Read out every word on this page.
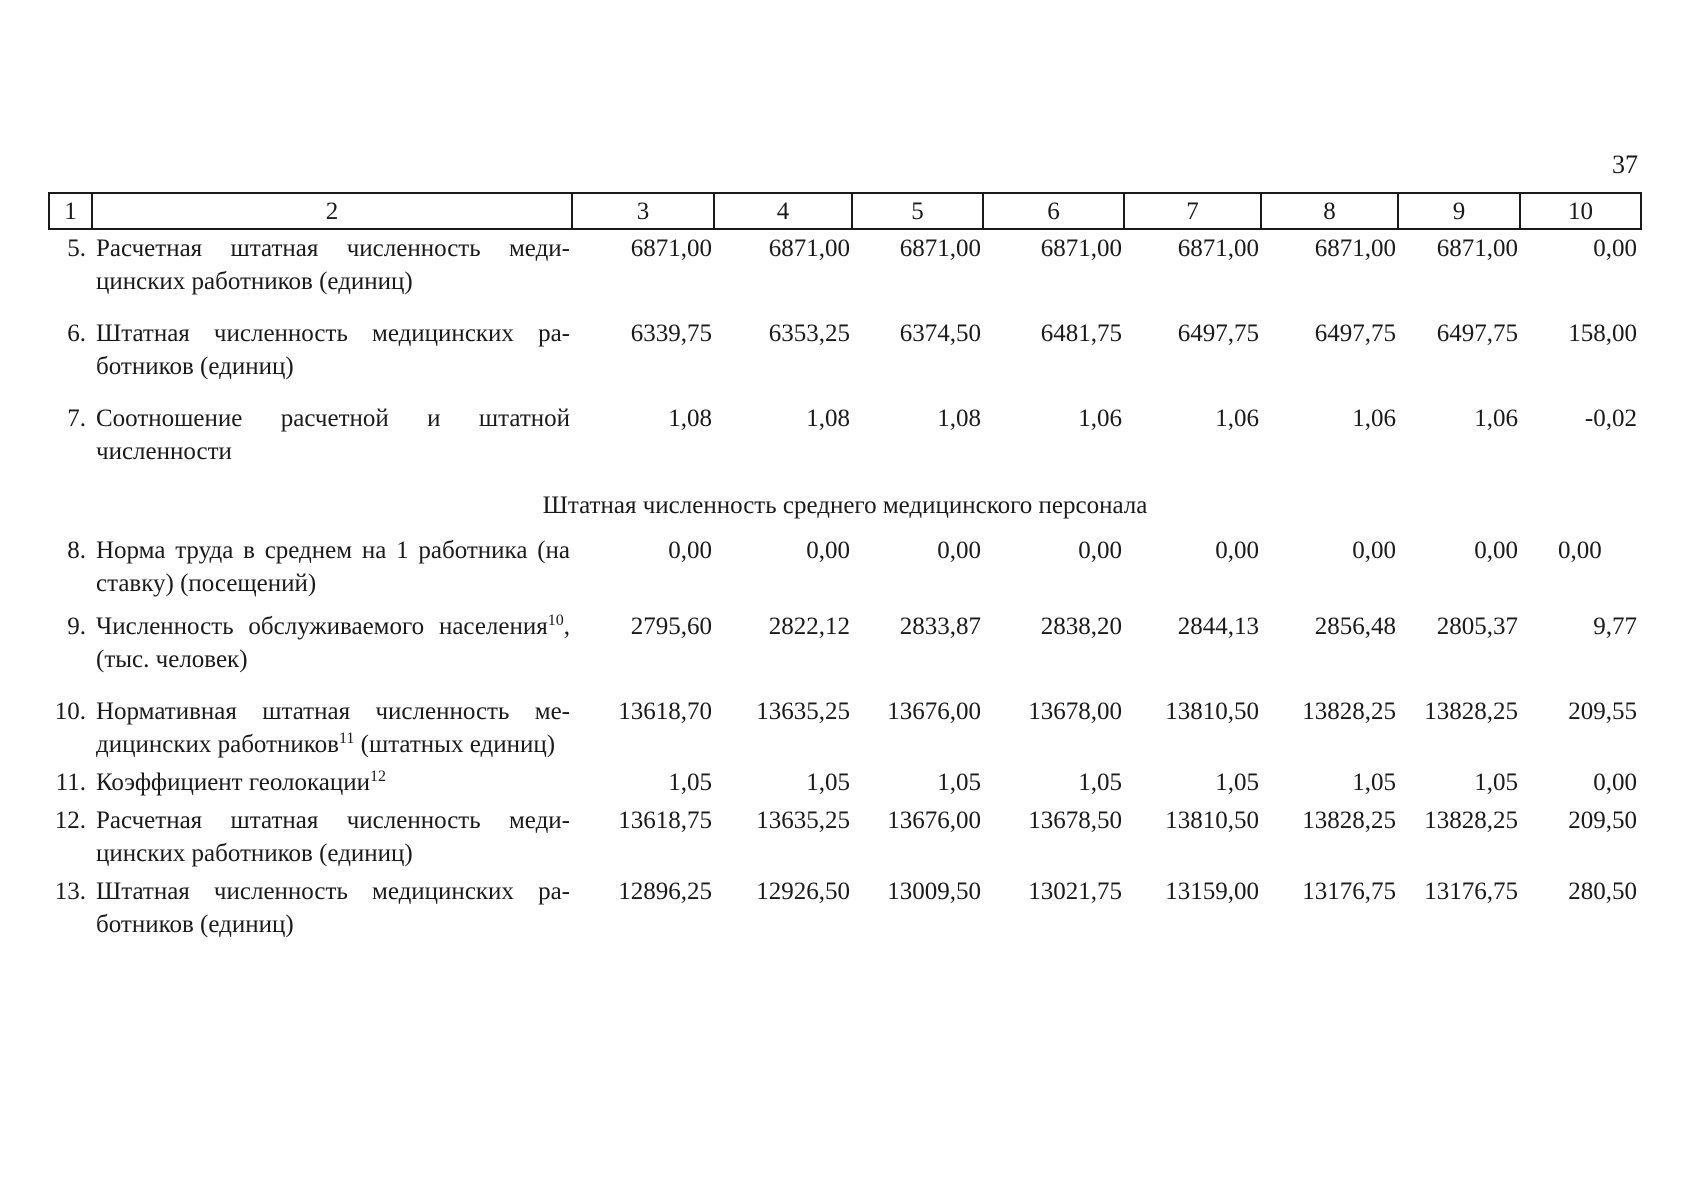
37
1	2	3	4	5	6	7	8	9	10
5.	Расчетная штатная численность медицинских работников (единиц)	6871,00	6871,00	6871,00	6871,00	6871,00	6871,00	6871,00	0,00
6.	Штатная численность медицинских работников (единиц)	6339,75	6353,25	6374,50	6481,75	6497,75	6497,75	6497,75	158,00
7.	Соотношение расчетной и штатной численности	1,08	1,08	1,08	1,06	1,06	1,06	1,06	-0,02
Штатная численность среднего медицинского персонала									
8.	Норма труда в среднем на 1 работника (на ставку) (посещений)	0,00	0,00	0,00	0,00	0,00	0,00	0,00	0,00
9.	Численность обслуживаемого населения$^{10}$, (тыс. человек)	2795,60	2822,12	2833,87	2838,20	2844,13	2856,48	2805,37	9,77
10.	Нормативная штатная численность медицинских работников$^{11}$ (штатных единиц)	13618,70	13635,25	13676,00	13678,00	13810,50	13828,25	13828,25	209,55
11.	Коэффициент геолокации$^{12}$	1,05	1,05	1,05	1,05	1,05	1,05	1,05	0,00
12.	Расчетная штатная численность медицинских работников (единиц)	13618,75	13635,25	13676,00	13678,50	13810,50	13828,25	13828,25	209,50
13.	Штатная численность медицинских работников (единиц)	12896,25	12926,50	13009,50	13021,75	13159,00	13176,75	13176,75	280,50
